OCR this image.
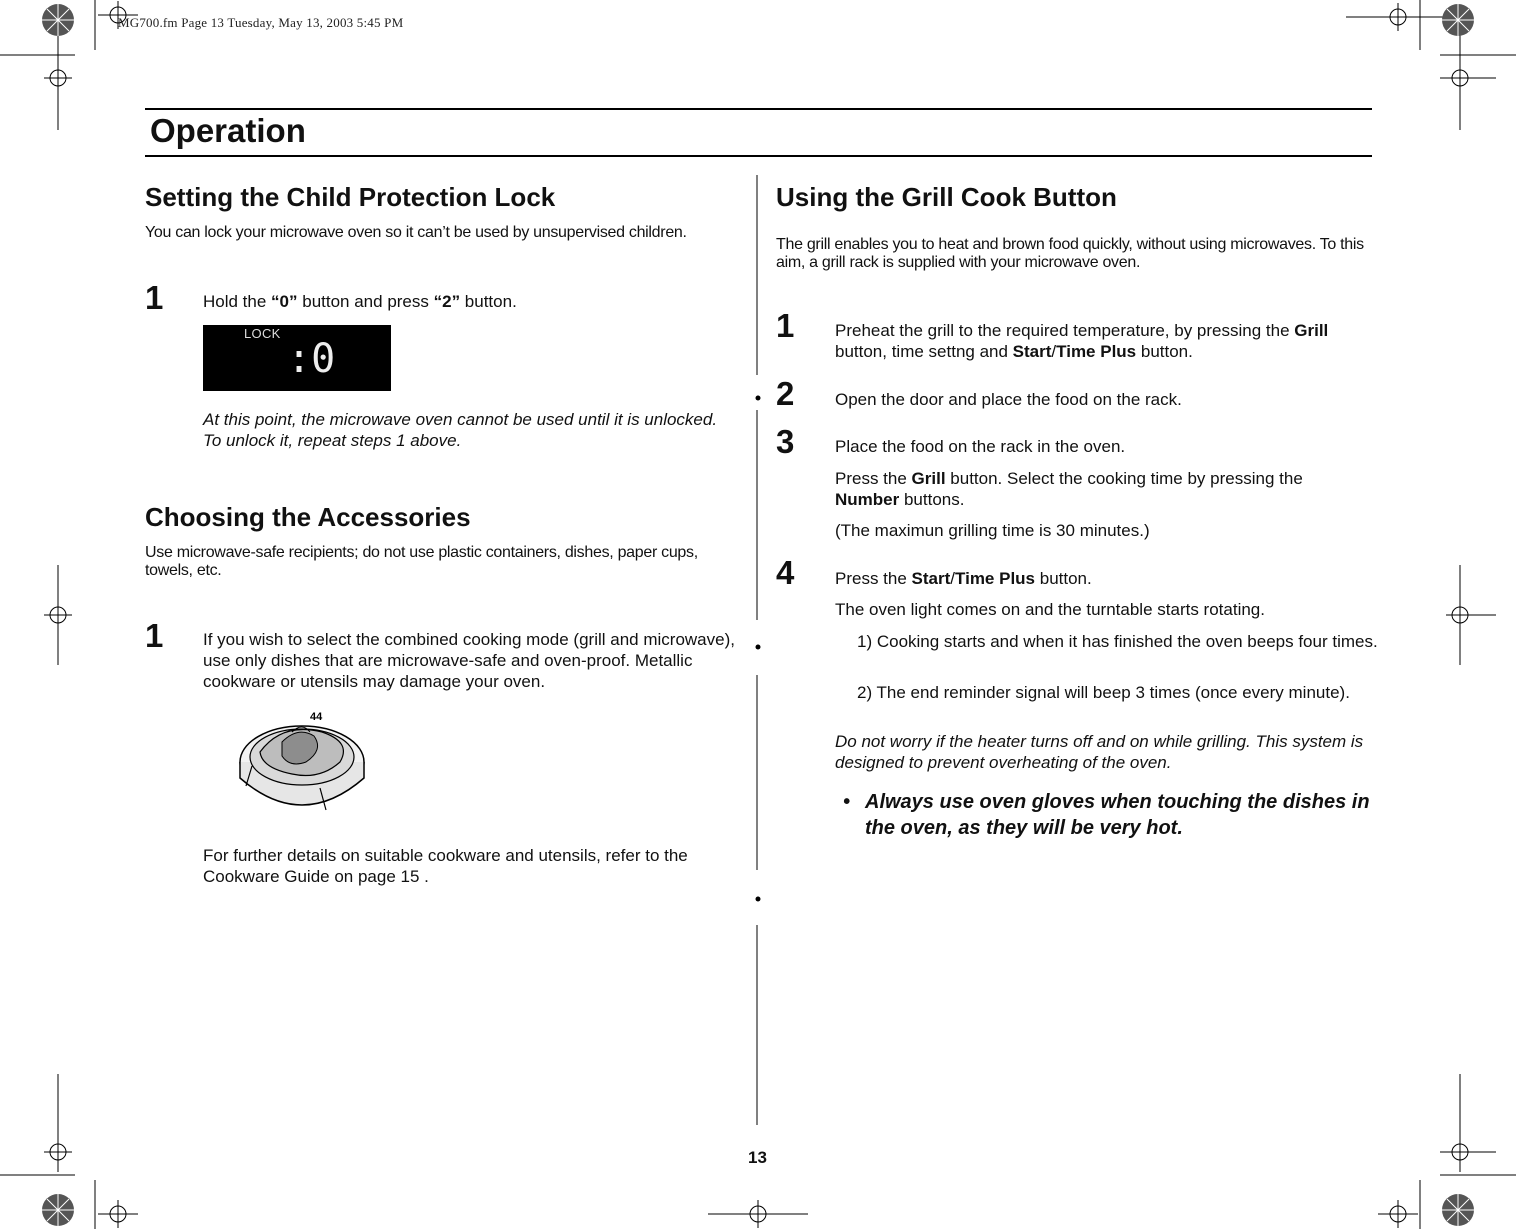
MG700.fm Page 13 Tuesday, May 13, 2003 5:45 PM
Operation
Setting the Child Protection Lock
You can lock your microwave oven so it can’t be used by unsupervised children.
1 Hold the “0” button and press “2” button.
LOCK
:0
At this point, the microwave oven cannot be used until it is unlocked. To unlock it, repeat steps 1 above.
Choosing the Accessories
Use microwave-safe recipients; do not use plastic containers, dishes, paper cups, towels, etc.
1 If you wish to select the combined cooking mode (grill and microwave), use only dishes that are microwave-safe and oven-proof. Metallic cookware or utensils may damage your oven.
44
For further details on suitable cookware and utensils, refer to the Cookware Guide on page 15 .
Using the Grill Cook Button
The grill enables you to heat and brown food quickly, without using microwaves. To this aim, a grill rack is supplied with your microwave oven.
1 Preheat the grill to the required temperature, by pressing the Grill button, time settng and Start/Time Plus button.
2 Open the door and place the food on the rack.
3 Place the food on the rack in the oven.
Press the Grill button. Select the cooking time by pressing the Number buttons.
(The maximun grilling time is 30 minutes.)
4 Press the Start/Time Plus button.
The oven light comes on and the turntable starts rotating.
1) Cooking starts and when it has finished the oven beeps four times.
2) The end reminder signal will beep 3 times (once every minute).
Do not worry if the heater turns off and on while grilling. This system is designed to prevent overheating of the oven.
• Always use oven gloves when touching the dishes in the oven, as they will be very hot.
13
